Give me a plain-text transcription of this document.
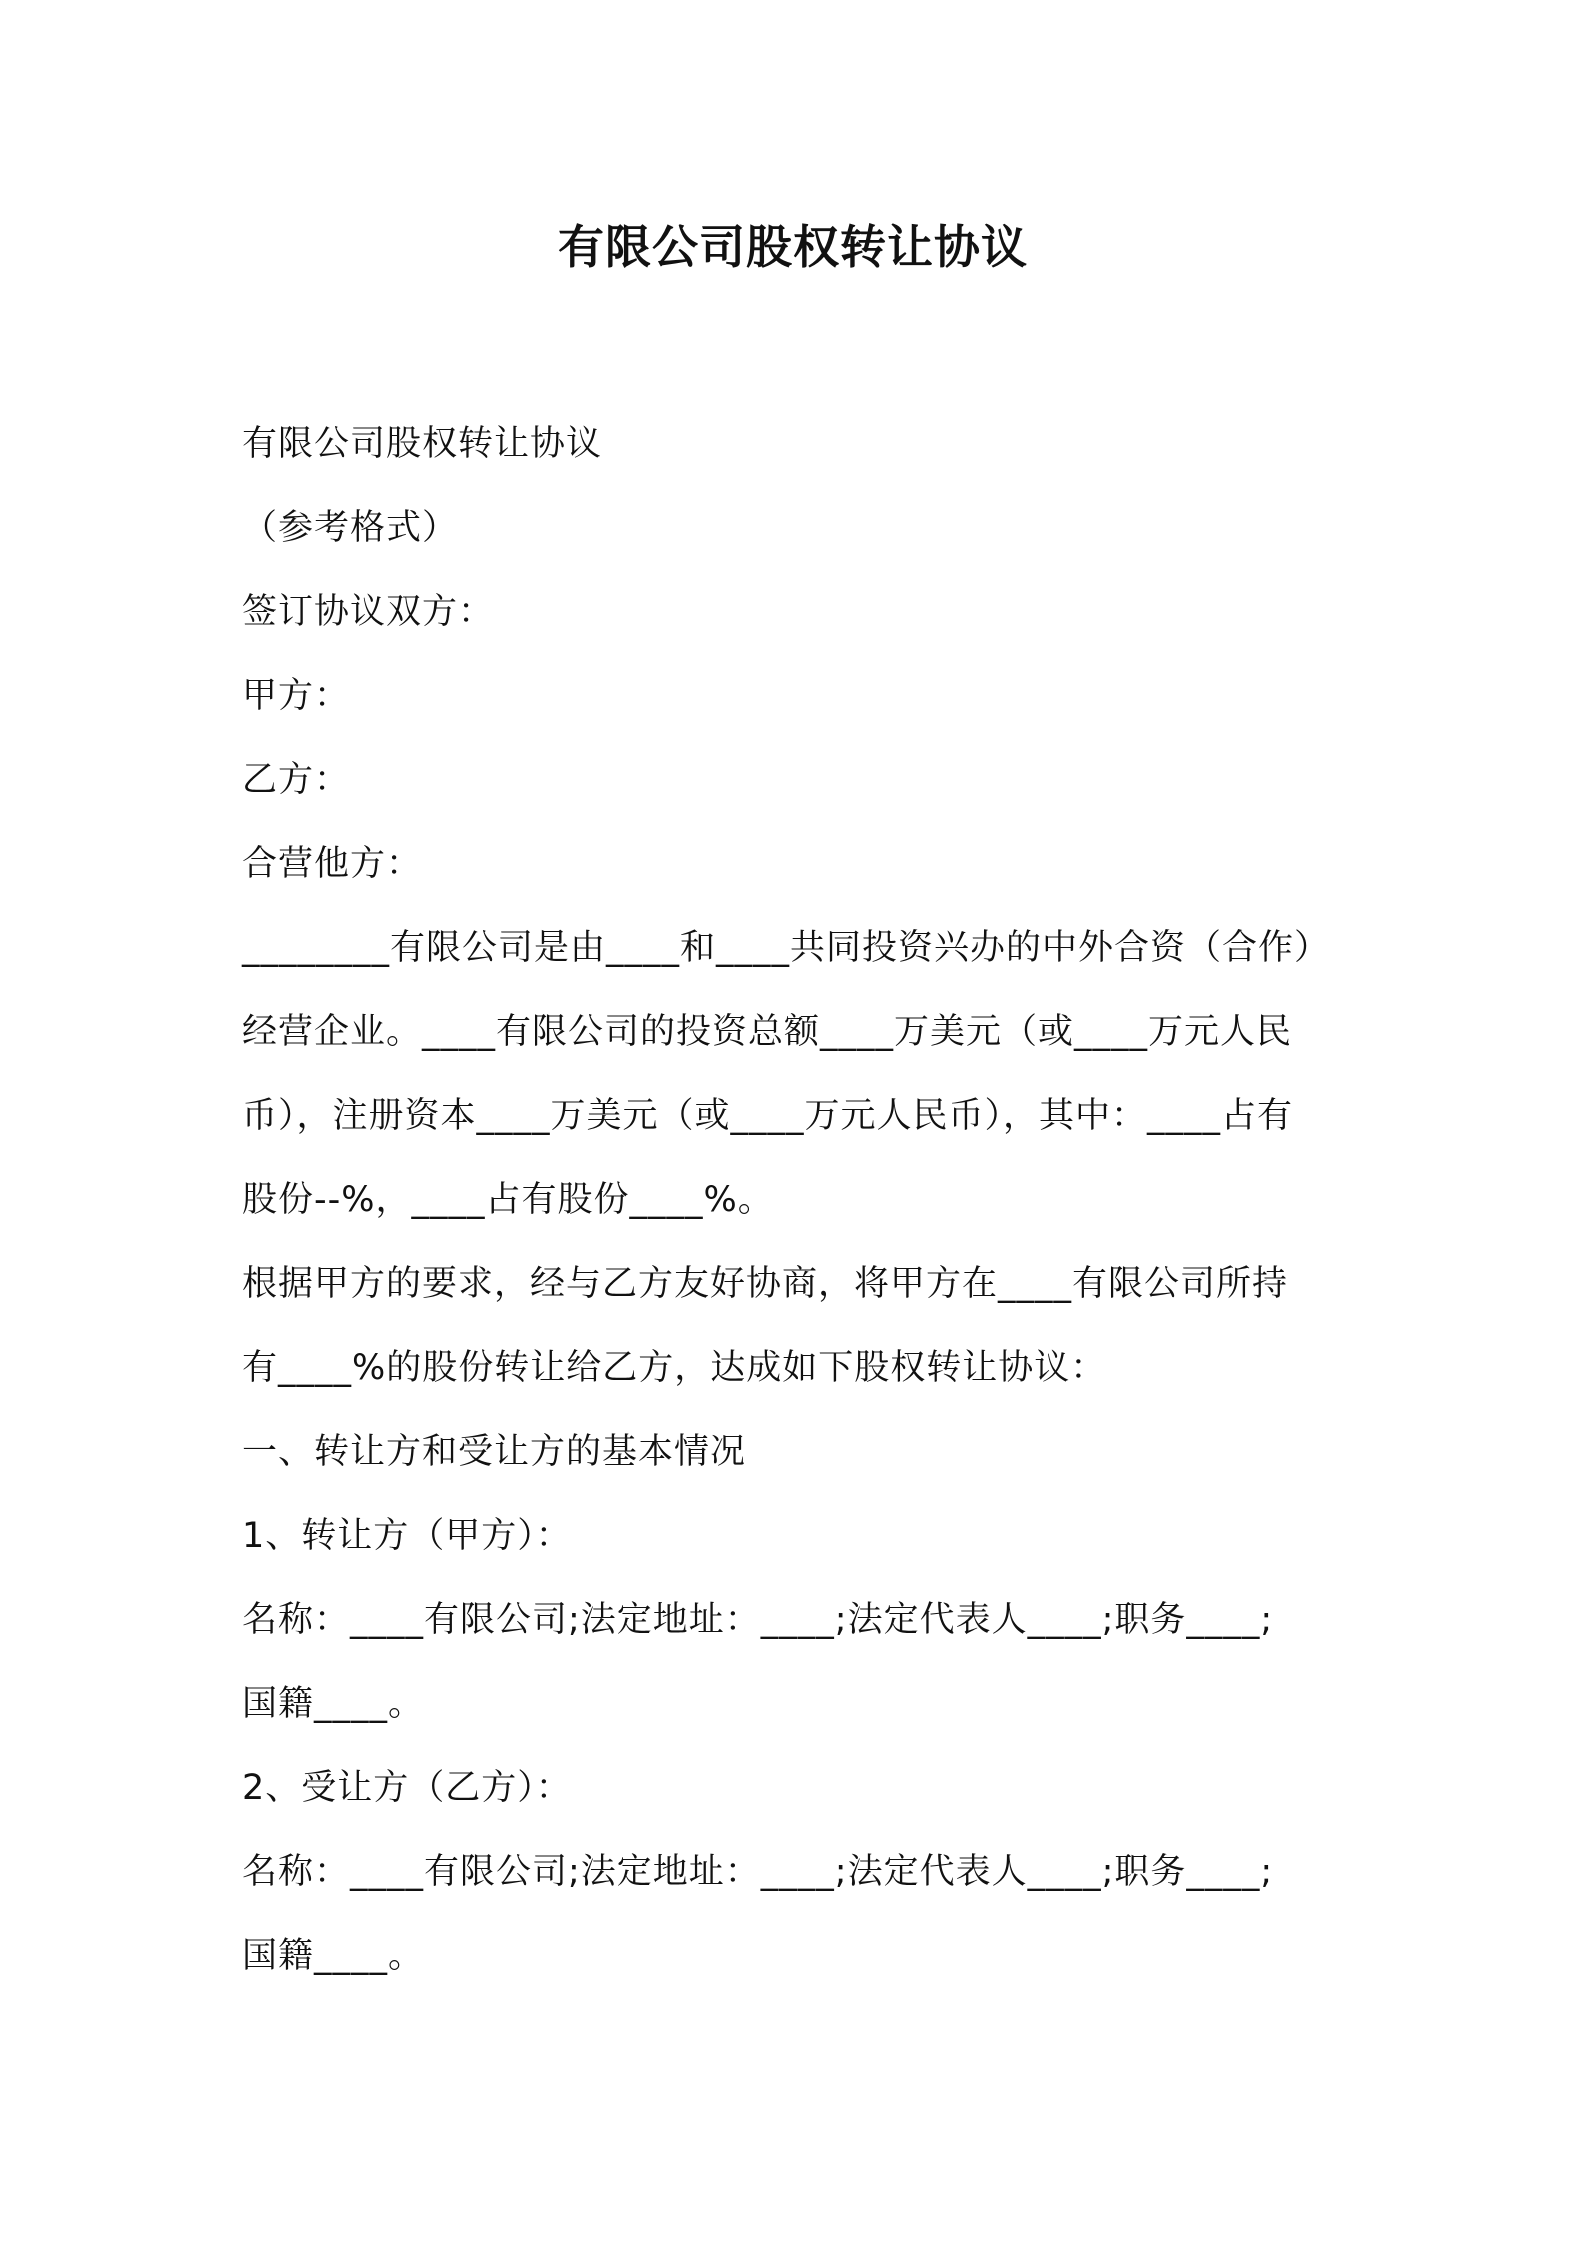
有限公司股权转让协议
有限公司股权转让协议
（参考格式）
签订协议双方：
甲方：
乙方：
合营他方：
________有限公司是由____和____共同投资兴办的中外合资（合作）
经营企业。____有限公司的投资总额____万美元（或____万元人民
币），注册资本____万美元（或____万元人民币），其中：____占有
股份--%，____占有股份____%。
根据甲方的要求，经与乙方友好协商，将甲方在____有限公司所持
有____%的股份转让给乙方，达成如下股权转让协议：
一、转让方和受让方的基本情况
1、转让方（甲方）：
名称：____有限公司;法定地址：____;法定代表人____;职务____;
国籍____。
2、受让方（乙方）：
名称：____有限公司;法定地址：____;法定代表人____;职务____;
国籍____。
